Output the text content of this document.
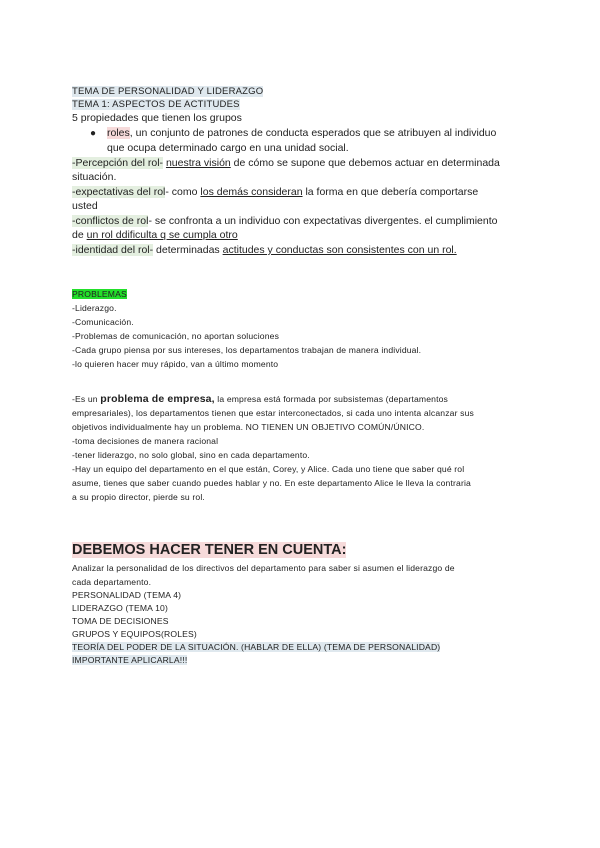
TEMA DE PERSONALIDAD Y LIDERAZGO
TEMA 1: ASPECTOS DE ACTITUDES
5 propiedades que tienen los grupos
● roles, un conjunto de patrones de conducta esperados que se atribuyen al individuo
que ocupa determinado cargo en una unidad social.
-Percepción del rol- nuestra visión de cómo se supone que debemos actuar en determinada
situación.
-expectativas del rol- como los demás consideran la forma en que debería comportarse
usted
-conflictos de rol- se confronta a un individuo con expectativas divergentes. el cumplimiento
de un rol ddificulta q se cumpla otro
-identidad del rol- determinadas actitudes y conductas son consistentes con un rol.
PROBLEMAS
-Liderazgo.
-Comunicación.
-Problemas de comunicación, no aportan soluciones
-Cada grupo piensa por sus intereses, los departamentos trabajan de manera individual.
-lo quieren hacer muy rápido, van a último momento
-Es un problema de empresa, la empresa está formada por subsistemas (departamentos
empresariales), los departamentos tienen que estar interconectados, si cada uno intenta alcanzar sus
objetivos individualmente hay un problema. NO TIENEN UN OBJETIVO COMÚN/ÚNICO.
-toma decisiones de manera racional
-tener liderazgo, no solo global, sino en cada departamento.
-Hay un equipo del departamento en el que están, Corey, y Alice. Cada uno tiene que saber qué rol
asume, tienes que saber cuando puedes hablar y no. En este departamento Alice le lleva la contraria
a su propio director, pierde su rol.
DEBEMOS HACER TENER EN CUENTA:
Analizar la personalidad de los directivos del departamento para saber si asumen el liderazgo de
cada departamento.
PERSONALIDAD (TEMA 4)
LIDERAZGO (TEMA 10)
TOMA DE DECISIONES
GRUPOS Y EQUIPOS(ROLES)
TEORÍA DEL PODER DE LA SITUACIÓN. (HABLAR DE ELLA) (TEMA DE PERSONALIDAD)
IMPORTANTE APLICARLA!!!
